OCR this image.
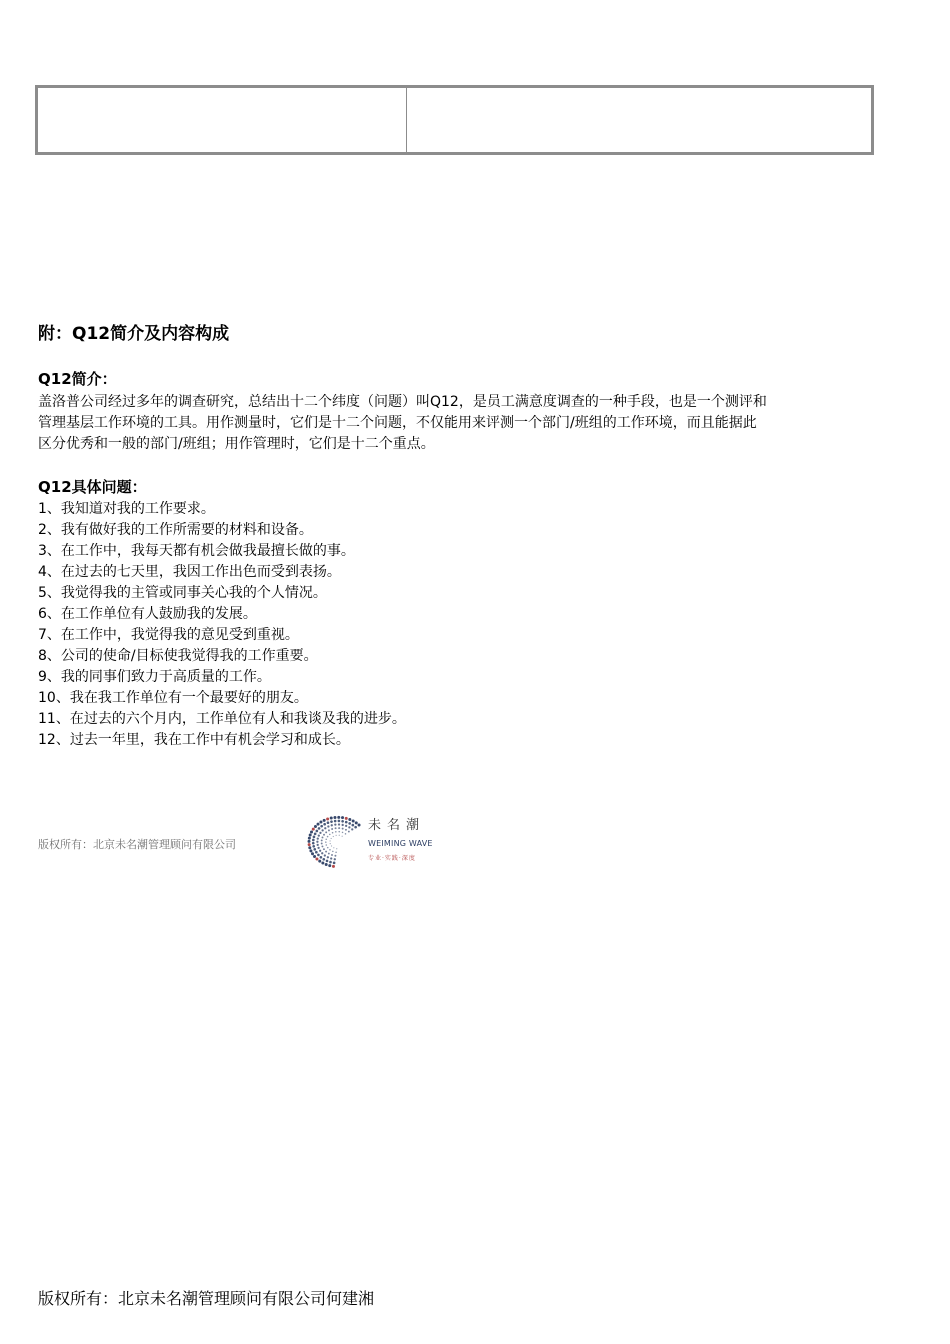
附：Q12简介及内容构成
Q12简介：

盖洛普公司经过多年的调查研究，总结出十二个纬度（问题）叫Q12，是员工满意度调查的一种手段，也是一个测评和
管理基层工作环境的工具。用作测量时，它们是十二个问题，不仅能用来评测一个部门/班组的工作环境，而且能据此
区分优秀和一般的部门/班组；用作管理时，它们是十二个重点。

Q12具体问题：
1、我知道对我的工作要求。
2、我有做好我的工作所需要的材料和设备。
3、在工作中，我每天都有机会做我最擅长做的事。
4、在过去的七天里，我因工作出色而受到表扬。
5、我觉得我的主管或同事关心我的个人情况。
6、在工作单位有人鼓励我的发展。
7、在工作中，我觉得我的意见受到重视。
8、公司的使命/目标使我觉得我的工作重要。
9、我的同事们致力于高质量的工作。
10、我在我工作单位有一个最要好的朋友。
11、在过去的六个月内，工作单位有人和我谈及我的进步。
12、过去一年里，我在工作中有机会学习和成长。
版权所有：北京未名潮管理顾问有限公司
未名潮
WEIMING WAVE
专业·实践·深度
版权所有：北京未名潮管理顾问有限公司何建湘
